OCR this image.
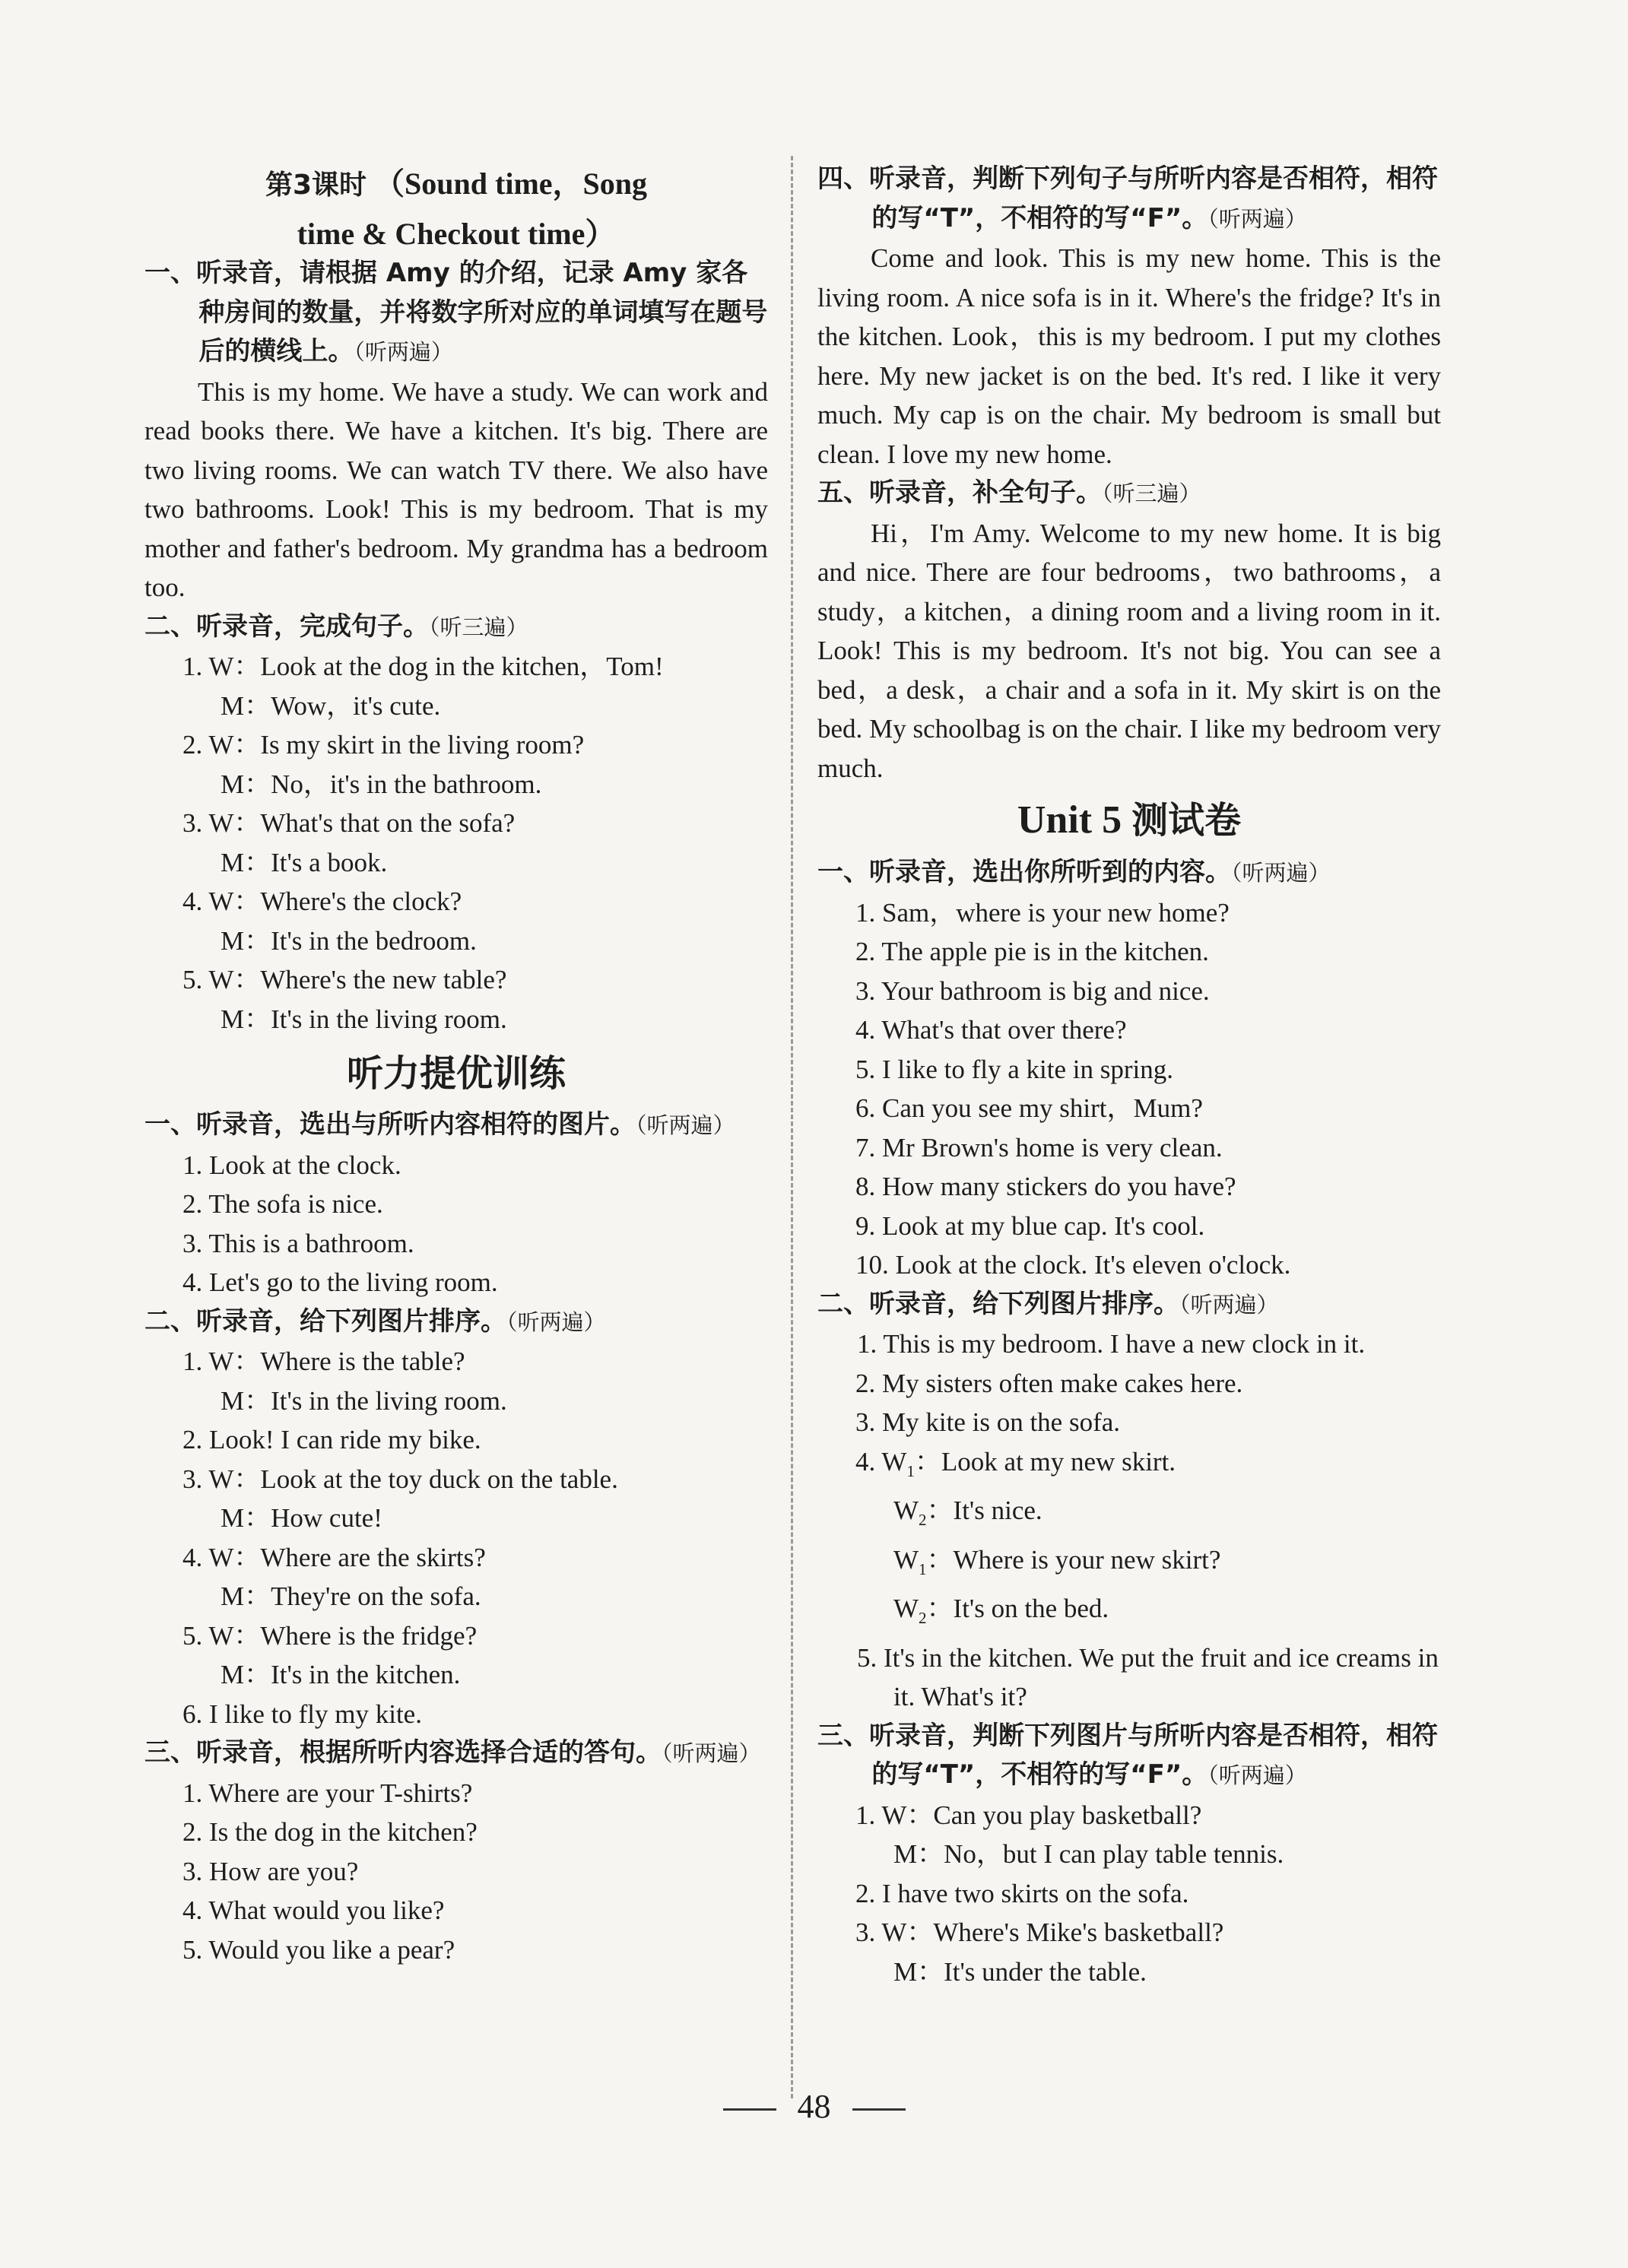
第3课时 （Sound time，Song
time & Checkout time）

一、听录音，请根据 Amy 的介绍，记录 Amy 家各种房间的数量，并将数字所对应的单词填写在题号后的横线上。（听两遍）

This is my home. We have a study. We can work and read books there. We have a kitchen. It's big. There are two living rooms. We can watch TV there. We also have two bathrooms. Look! This is my bedroom. That is my mother and father's bedroom. My grandma has a bedroom too.

二、听录音，完成句子。（听三遍）

1. W：Look at the dog in the kitchen，Tom!

M：Wow，it's cute.

2. W：Is my skirt in the living room?

M：No，it's in the bathroom.

3. W：What's that on the sofa?

M：It's a book.

4. W：Where's the clock?

M：It's in the bedroom.

5. W：Where's the new table?

M：It's in the living room.

听力提优训练

一、听录音，选出与所听内容相符的图片。（听两遍）

1. Look at the clock.

2. The sofa is nice.

3. This is a bathroom.

4. Let's go to the living room.

二、听录音，给下列图片排序。（听两遍）

1. W：Where is the table?

M：It's in the living room.

2. Look! I can ride my bike.

3. W：Look at the toy duck on the table.

M：How cute!

4. W：Where are the skirts?

M：They're on the sofa.

5. W：Where is the fridge?

M：It's in the kitchen.

6. I like to fly my kite.

三、听录音，根据所听内容选择合适的答句。（听两遍）

1. Where are your T-shirts?

2. Is the dog in the kitchen?

3. How are you?

4. What would you like?

5. Would you like a pear?

四、听录音，判断下列句子与所听内容是否相符，相符的写“T”，不相符的写“F”。（听两遍）

Come and look. This is my new home. This is the living room. A nice sofa is in it. Where's the fridge? It's in the kitchen. Look，this is my bedroom. I put my clothes here. My new jacket is on the bed. It's red. I like it very much. My cap is on the chair. My bedroom is small but clean. I love my new home.

五、听录音，补全句子。（听三遍）

Hi，I'm Amy. Welcome to my new home. It is big and nice. There are four bedrooms，two bathrooms，a study，a kitchen，a dining room and a living room in it. Look! This is my bedroom. It's not big. You can see a bed，a desk，a chair and a sofa in it. My skirt is on the bed. My schoolbag is on the chair. I like my bedroom very much.

Unit 5 测试卷

一、听录音，选出你所听到的内容。（听两遍）

1. Sam，where is your new home?

2. The apple pie is in the kitchen.

3. Your bathroom is big and nice.

4. What's that over there?

5. I like to fly a kite in spring.

6. Can you see my shirt，Mum?

7. Mr Brown's home is very clean.

8. How many stickers do you have?

9. Look at my blue cap. It's cool.

10. Look at the clock. It's eleven o'clock.

二、听录音，给下列图片排序。（听两遍）

1. This is my bedroom. I have a new clock in it.

2. My sisters often make cakes here.

3. My kite is on the sofa.

4. $W_1$：Look at my new skirt.

$W_2$：It's nice.

$W_1$：Where is your new skirt?

$W_2$：It's on the bed.

5. It's in the kitchen. We put the fruit and ice creams in it. What's it?

三、听录音，判断下列图片与所听内容是否相符，相符的写“T”，不相符的写“F”。（听两遍）

1. W：Can you play basketball?

M：No，but I can play table tennis.

2. I have two skirts on the sofa.

3. W：Where's Mike's basketball?

M：It's under the table.

48
